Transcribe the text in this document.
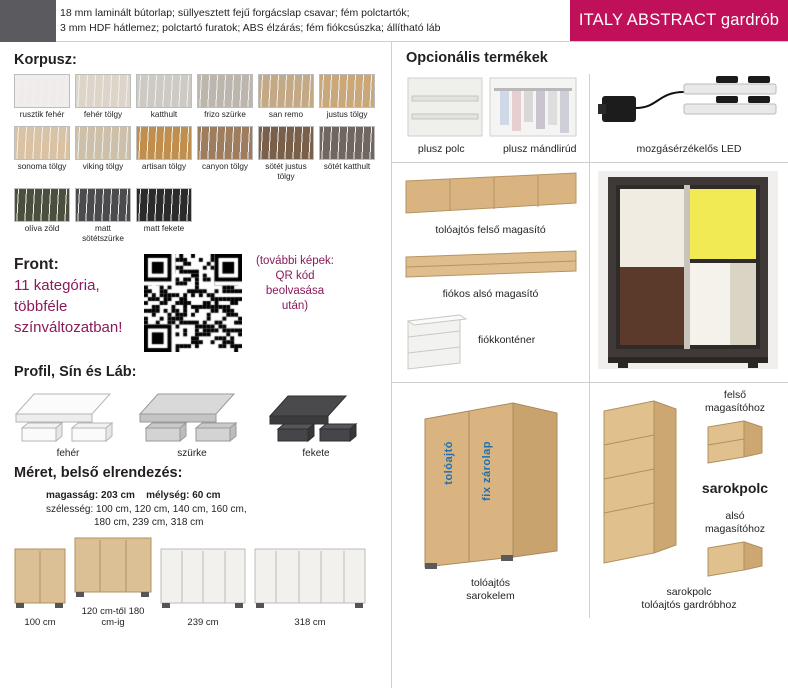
18 mm laminált bútorlap; süllyesztett fejű forgácslap csavar; fém polctartók;
3 mm HDF hátlemez; polctartó furatok; ABS élzárás; fém fiókcsúszka; állítható láb	ITALY ABSTRACT gardrób
Korpusz:
rusztik fehér	fehér tölgy	katthult	frizo szürke	san remo	justus tölgy
sonoma tölgy	viking tölgy	artisan tölgy	canyon tölgy	sötét justus tölgy
sötét katthult
olíva zöld	matt sötétszürke
matt fekete
Front:
11 kategória,
többféle
színváltozatban!
(további képek: QR kód beolvasása után)
Profil, Sín és Láb:
fehér	szürke	fekete
Méret, belső elrendezés:
magasság: 203 cm mélység: 60 cm
szélesség: 100 cm, 120 cm, 140 cm, 160 cm,
180 cm, 239 cm, 318 cm
100 cm
120 cm-től 180 cm-ig	239 cm	318 cm
Opcionális termékek
plusz polc	plusz mándlirúd	mozgásérzékelős LED
tolóajtós felső magasító
fiókos alsó magasító
fiókkonténer
tolóajtó fix zárolap
tolóajtós
sarokelem
felső
magasítóhoz
sarokpolc
alsó
magasítóhoz
sarokpolc
tolóajtós gardróbhoz
